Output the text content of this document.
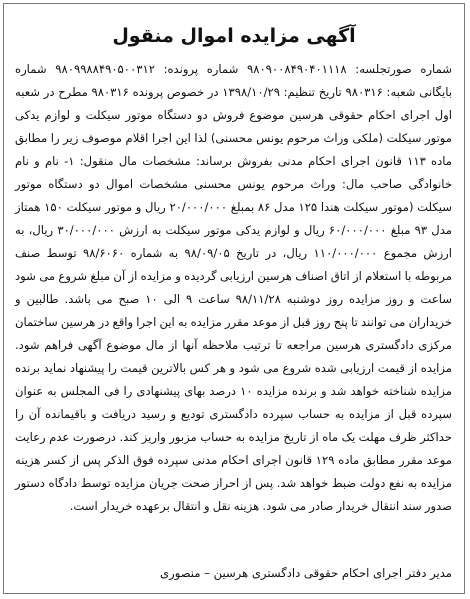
آگهی مزایده اموال منقول
شماره صورتجلسه: ۹۸۰۹۰۰۸۴۹۰۴۰۱۱۱۸ شماره پرونده: ۹۸۰۹۹۸۸۴۹۰۵۰۰۳۱۲ شماره بایگانی شعبه: ۹۸۰۳۱۶ تاریخ تنظیم: ۱۳۹۸/۱۰/۲۹ در خصوص پرونده ۹۸۰۳۱۶ مطرح در شعبه اول اجرای احکام حقوقی هرسین موضوع فروش دو دستگاه موتور سیکلت و لوازم یدکی موتور سیکلت (ملکی وراث مرحوم یونس محسنی) لذا این اجرا اقلام موصوف زیر را مطابق ماده ۱۱۳ قانون اجرای احکام مدنی بفروش برساند: مشخصات مال منقول: ۱- نام و نام خانوادگی صاحب مال: وراث مرحوم یونس محسنی مشخصات اموال دو دستگاه موتور سیکلت (موتور سیکلت هندا ۱۲۵ مدل ۸۶ بمبلغ ۲۰/۰۰۰/۰۰۰ ریال و موتور سیکلت ۱۵۰ همتاز مدل ۹۳ مبلغ ۶۰/۰۰۰/۰۰۰ ریال و لوازم یدکی موتور سیکلت به ارزش ۳۰/۰۰۰/۰۰۰ ریال، به ارزش مجموع ۱۱۰/۰۰۰/۰۰۰ ریال، در تاریخ ۹۸/۰۹/۰۵ به شماره ۹۸/۶۰۶۰ توسط صنف مربوطه با استعلام از اتاق اصناف هرسین ارزیابی گردیده و مزایده از آن مبلغ شروع می شود ساعت و روز مزایده روز دوشنبه ۹۸/۱۱/۲۸ ساعت ۹ الی ۱۰ صبح می باشد. طالبین و خریداران می توانند تا پنج روز قبل از موعد مقرر مزایده به این اجرا واقع در هرسین ساختمان مرکزی دادگستری هرسین مراجعه تا ترتیب ملاحظه آنها از مال موضوع آگهی فراهم شود. مزایده از قیمت ارزیابی شده شروع می شود و هر کس بالاترین قیمت را پیشنهاد نماید برنده مزایده شناخته خواهد شد و برنده مزایده ۱۰ درصد بهای پیشنهادی را فی المجلس به عنوان سپرده قبل از مزایده به حساب سپرده دادگستری تودیع و رسید دریافت و باقیمانده آن را حداکثر ظرف مهلت یک ماه از تاریخ مزایده به حساب مزبور واریز کند. درصورت عدم رعایت موعد مقرر مطابق ماده ۱۲۹ قانون اجرای احکام مدنی سپرده فوق الذکر پس از کسر هزینه مزایده به نفع دولت ضبط خواهد شد. پس از احراز صحت جریان مزایده توسط دادگاه دستور صدور سند انتقال خریدار صادر می شود. هزینه نقل و انتقال برعهده خریدار است.
مدیر دفتر اجرای احکام حقوقی دادگستری هرسین – منصوری
